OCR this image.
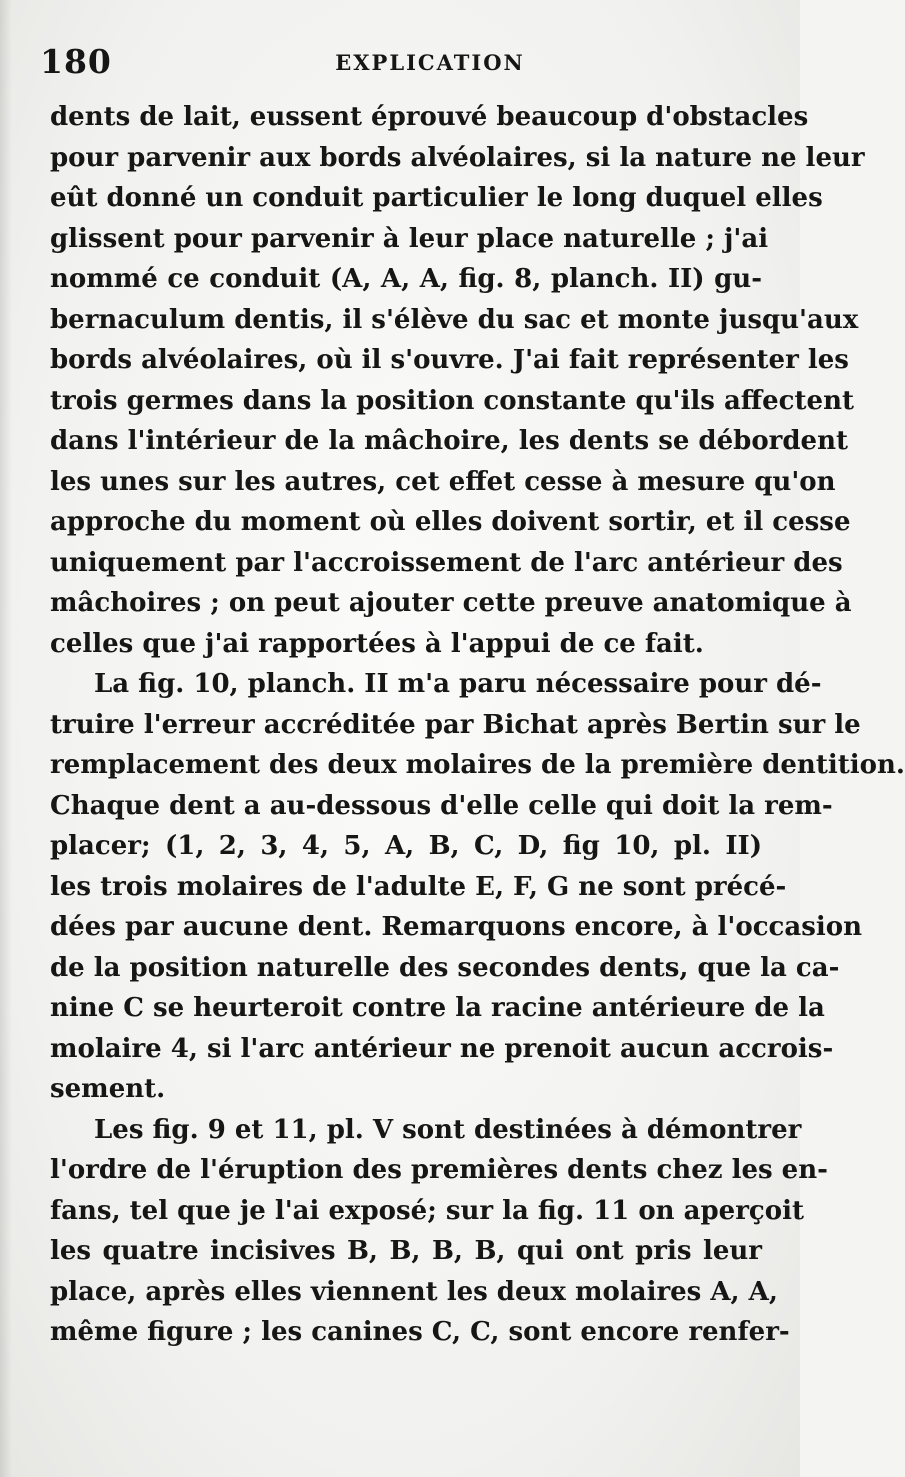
180	EXPLICATION
dents de lait, eussent éprouvé beaucoup d'obstacles
pour parvenir aux bords alvéolaires, si la nature ne leur
eût donné un conduit particulier le long duquel elles
glissent pour parvenir à leur place naturelle ; j'ai
nommé ce conduit (A, A, A, fig. 8, planch. II) gu-
bernaculum dentis, il s'élève du sac et monte jusqu'aux
bords alvéolaires, où il s'ouvre. J'ai fait représenter les
trois germes dans la position constante qu'ils affectent
dans l'intérieur de la mâchoire, les dents se débordent
les unes sur les autres, cet effet cesse à mesure qu'on
approche du moment où elles doivent sortir, et il cesse
uniquement par l'accroissement de l'arc antérieur des
mâchoires ; on peut ajouter cette preuve anatomique à
celles que j'ai rapportées à l'appui de ce fait.
La fig. 10, planch. II m'a paru nécessaire pour dé-
truire l'erreur accréditée par Bichat après Bertin sur le
remplacement des deux molaires de la première dentition.
Chaque dent a au-dessous d'elle celle qui doit la rem-
placer; (1, 2, 3, 4, 5, A, B, C, D, fig 10, pl. II)
les trois molaires de l'adulte E, F, G ne sont précé-
dées par aucune dent. Remarquons encore, à l'occasion
de la position naturelle des secondes dents, que la ca-
nine C se heurteroit contre la racine antérieure de la
molaire 4, si l'arc antérieur ne prenoit aucun accrois-
sement.
Les fig. 9 et 11, pl. V sont destinées à démontrer
l'ordre de l'éruption des premières dents chez les en-
fans, tel que je l'ai exposé; sur la fig. 11 on aperçoit
les quatre incisives B, B, B, B, qui ont pris leur
place, après elles viennent les deux molaires A, A,
même figure ; les canines C, C, sont encore renfer-
